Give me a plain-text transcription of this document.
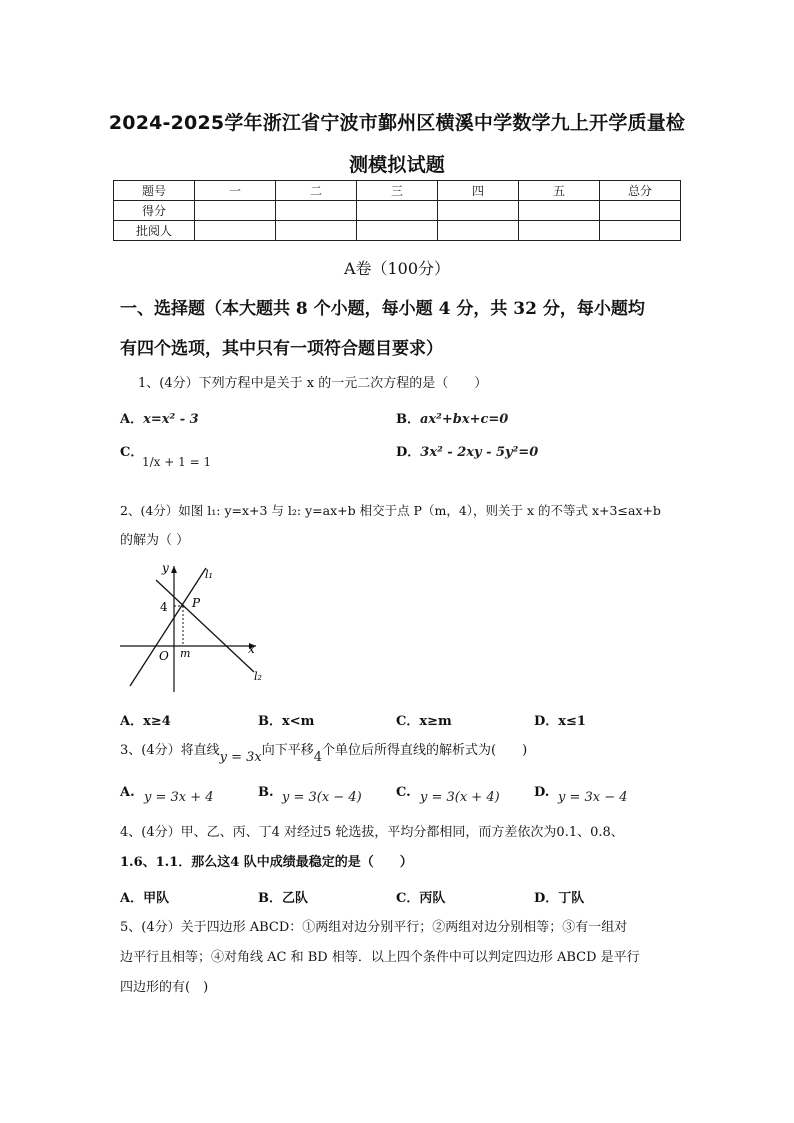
2024-2025学年浙江省宁波市鄞州区横溪中学数学九上开学质量检
测模拟试题
题号	一	二	三	四	五	总分
得分						
批阅人						
A卷（100分）
一、选择题（本大题共 8 个小题，每小题 4 分，共 32 分，每小题均
有四个选项，其中只有一项符合题目要求）
1、(4分）下列方程中是关于 x 的一元二次方程的是（　　）
A．x=x² - 3	B．ax²+bx+c=0
C．
1/x + 1 = 1
D．3x² - 2xy - 5y²=0
2、(4分）如图 l₁: y=x+3 与 l₂: y=ax+b 相交于点 P（m，4），则关于 x 的不等式 x+3≤ax+b
的解为（ ）
y
x
O
4
m
P
l₁
l₂
A．x≥4	B．x<m	C．x≥m	D．x≤1
3、(4分）将直线y = 3x向下平移4个单位后所得直线的解析式为(　　)
A. y = 3x + 4	B. y = 3(x − 4)	C. y = 3(x + 4)	D. y = 3x − 4
4、(4分）甲、乙、丙、丁4 对经过5 轮选拔，平均分都相同，而方差依次为0.1、0.8、
1.6、1.1．那么这4 队中成绩最稳定的是（　　）
A．甲队	B．乙队	C．丙队	D．丁队
5、(4分）关于四边形 ABCD：①两组对边分别平行；②两组对边分别相等；③有一组对
边平行且相等；④对角线 AC 和 BD 相等．以上四个条件中可以判定四边形 ABCD 是平行
四边形的有(　)
